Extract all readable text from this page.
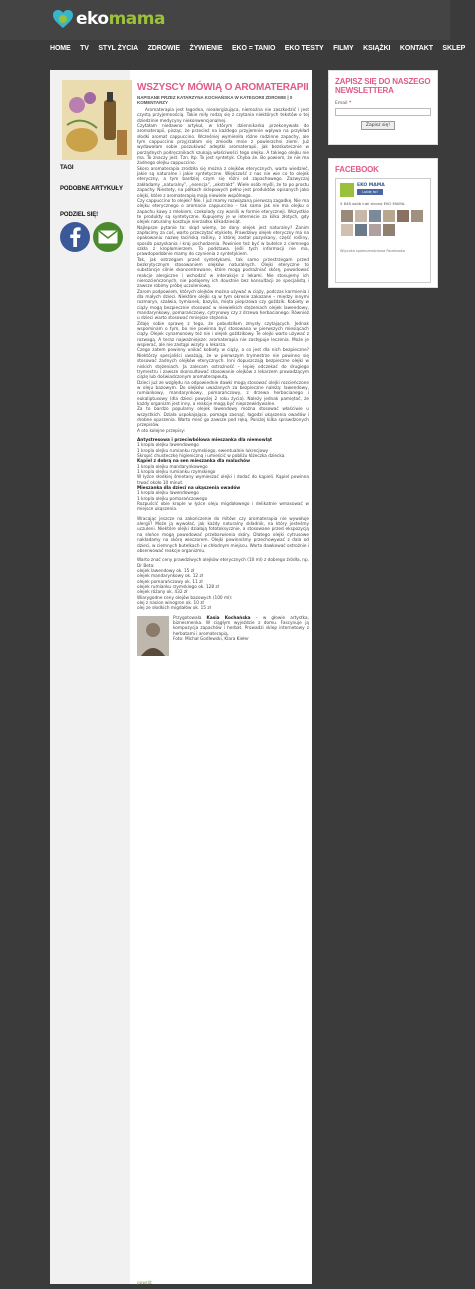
ekomama
HOME TV STYL ŻYCIA ZDROWIE ŻYWIENIE EKO = TANIO EKO TESTY FILMY KSIĄŻKI KONTAKT SKLEP
WSZYSCY MÓWIĄ O AROMATERAPII
NAPISANE PRZEZ KATARZYNA KOCHAŃSKA W KATEGORII ZDROWIE | 0 KOMENTARZY
TAGI
PODOBNE ARTYKUŁY
PODZIEL SIĘ!

Aromaterapia jest łagodna, niealergizująca, niemożna nie zaszkodzić i jest czystą przyjemnością. Takie miły rodzą się z czytania niektórych tekstów o tej dziedzinie medycyny niekonwencjonalnej.

Czytałam niedawno artykuł, w którym dziennikarka przekonywała do aromaterapii, pisząc, że przecież na każdego przyjemnie wpływa na przykład słodki aromat cappuccino. Wcześniej wymieniła różne rodzinne zapachy, ale tym cappuccino przyjrzałam się zmiodła mnie z powierzchni ziemi. Już wydawałam sobie poszukiwać adeptki aromaterapii, jak bezskutecznie w porządnych podręcznikach szukają właściwości tego olejku. A takiego olejku nie ma. To znaczy jest. Tzn. Itp. To jest syntetyk. Chyba że. Bo powiem, że nie ma żadnego olejku cappuccino.

Skoro aromaterapia zrodziła się można z olejków eterycznych, warto wiedzieć, jakie są naturalne i jakie syntetyczne. Większość z nas nie wie co to olejek eteryczny, a tym bardziej czym się różni od zapachowego. Zazwyczaj zakładamy „naturalny”, „esencja”, „ekstrakt”. Wiele osób myśli, że to po prostu zapachy. Niestety, na półkach sklepowych pełno jest produktów opisanych jako olejki, które z aromaterapią mają niewiele wspólnego.

Czy cappuccino to olejek? Nie. I już mamy rozwiązaną pierwszą zagadkę. Nie ma olejku eterycznego o aromacie cappuccino – tak samo jak nie ma olejku o zapachu kawy z mlekiem, czekolady czy wanilii w formie eteryczneji. Wszystkie te produkty są syntetyczne. Kupujemy je w internecie za kilka złotych, gdy olejek naturalny kosztuje nierzadko kilkadziesiąt.

Najlepsze pytanie to: skąd wiemy, że dany olejek jest naturalny? Zanim zapłacimy za coś, warto przeczytać etykietę. Prawdziwy olejek eteryczny ma na opakowaniu nazwę łacińską rośliny, z której został pozyskany, część rośliny, sposób pozyskania i kraj pochodzenia. Powinien też być w butelce z ciemnego szkła z kroplomierzem. To podstawa. Jeśli tych informacji nie ma, prawdopodobnie mamy do czynienia z syntetykiem.

Tak, jak ostrzegam przed syntetykami, tak samo przestrzegam przed bezkrytycznym stosowaniem olejków naturalnych. Olejki eteryczne to substancje silnie skoncentrowane, które mogą podrażniać skórę, powodować reakcje alergiczne i wchodzić w interakcje z lekami. Nie stosujemy ich nierozcieńczonych, nie podajemy ich doustnie bez konsultacji ze specjalistą i zawsze robimy próbę uczuleniową.

Zarom podpowiem, których olejków można używać w ciąży, podczas karmienia i dla małych dzieci. Niektóre olejki są w tym okresie zakazane – między innymi rozmaryn, szałwia, tymianek, bazylia, mięta pieprzowa czy goździk. Kobiety w ciąży mogą bezpiecznie stosować w niewielkich stężeniach olejek lawendowy, mandarynkowy, pomarańczowy, cytrynowy czy z drzewa herbacianego. Również u dzieci warto stosować mniejsze stężenia.

Zdaję sobie sprawę z tego, że pobudziłam zmysły czytających. Jednak wspominam o tym, bo nie powinna być stosowana w pierwszych miesiącach ciąży. Olejek cynamonowy też nie i olejek goździkowy. Te olejki warto używać z rozwagą. A teraz najważniejsze: aromaterapia nie zastępuje leczenia. Może je wspierać, ale nie zastąpi wizyty u lekarza.

Czego zatem powinny unikać kobiety w ciąży, a co jest dla nich bezpieczne? Niektórzy specjaliści uważają, że w pierwszym trymestrze nie powinno się stosować żadnych olejków eterycznych. Inni dopuszczają bezpieczne olejki w niskich stężeniach. Ja zalecam ostrożność – lepiej odczekać do drugiego trymestru i zawsze skonsultować stosowanie olejków z lekarzem prowadzącym ciążę lub doświadczonym aromaterapeutą.

Dzieci już ze względu na odpowiednie dawki mogą stosować olejki rozcieńczone w oleju bazowym. Do olejków uważanych za bezpieczne należą: lawendowy, rumiankowy, mandarynkowy, pomarańczowy, z drzewa herbacianego i eukaliptusowy (dla dzieci powyżej 2 roku życia). Należy jednak pamiętać, że każdy organizm jest inny, a reakcje mogą być nieprzewidywalne.

Za to bardzo popularny olejek lawendowy można stosować właściwie u wszystkich. Działa uspokajająco, pomaga zasnąć, łagodzi ukąszenia owadów i drobne oparzenia. Warto mieć go zawsze pod ręką. Poniżej kilka sprawdzonych przepisów.

A oto kolejne przepisy:

Antystresowa i przeciwbólowa mieszanka dla niemowląt

1 kropla olejku lawendowego

1 kropla olejku rumianku rzymskiego, ewentualnie lukrecjowy

Skropić chusteczkę higieniczną i umieścić w pobliżu łóżeczka dziecka.

Kąpiel z dobrą na sen mieszanka dla maluchów

1 kropla olejku mandarynkowego

1 kropla olejku rumianku rzymskiego

W łyżce słodkiej śmietany wymieszać olejki i dodać do kąpieli. Kąpiel powinna trwać około 10 minut.

Mieszanka dla dzieci na ukąszenia owadów

1 kropla olejku lawendowego

1 kropla olejku pomarańczowego

Rozpuścić obie krople w łyżce oleju migdałowego i delikatnie wmasować w miejsce ukąszenia.

Wracając jeszcze na zakończenie do mitów: czy aromaterapia nie wywołuje alergii? Może ją wywołać, jak każdy naturalny składnik, na który jesteśmy uczuleni. Niektóre olejki działają fototoksycznie, a stosowane przed ekspozycją na słońce mogą powodować przebarwienia skóry. Dlatego olejki cytrusowe nakładamy na skórę wieczorem. Olejki powinniśmy przechowywać z dala od dzieci, w ciemnych butelkach i w chłodnym miejscu. Warto dawkować ostrożnie i obserwować reakcje organizmu.

Warto znać ceny prawdziwych olejków eterycznych (10 ml) z dobrego źródła, np. Dr Beta:

olejek lawendowy ok. 15 zł

olejek mandarynkowy ok. 12 zł

olejek pomarańczowy ok. 11 zł

olejek rumianku rzymskiego ok. 128 zł

olejek różany ok. 432 zł

Wiarygodne ceny olejów bazowych (100 ml):

olej z nasion winogron ok. 10 zł

olej ze słodkich migdałów ok. 15 zł

Przygotowała Kasia Kochańska – w głowie artystka, biznesmenka. W ciągłym wyjeździe z domu. Fascynuje ją kompozycja zapachów i herbat. Prowadzi sklep internetowy z herbatami i aromaterapią.
Foto: Michał Godlewski, Klara Kiełer
powrót
ZAPISZ SIĘ DO NASZEGO NEWSLETTERA
Email *
Zapisz się!
FACEBOOK
EKO MAMA
Lubię to!
5 848 osób lubi stronę EKO MAMA.
Wtyczka społecznościowa Facebooka
